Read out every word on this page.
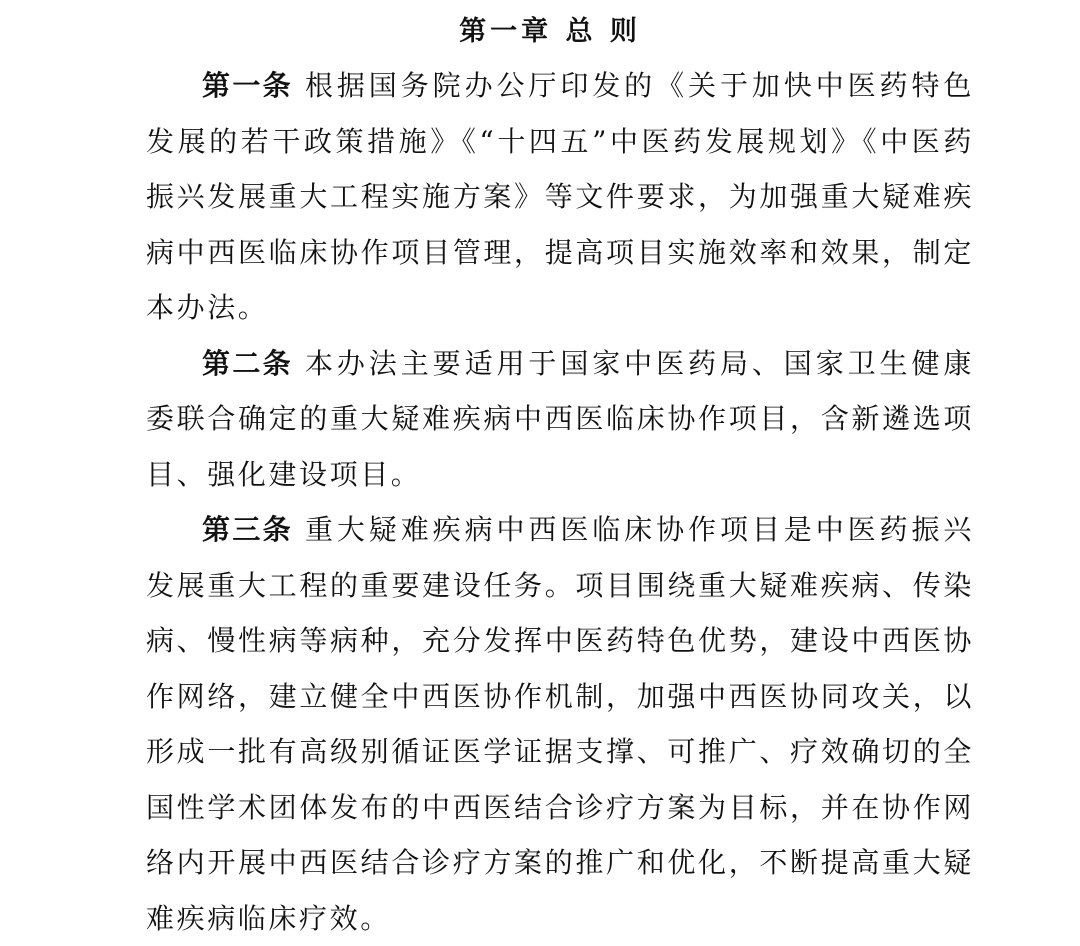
第一章 总 则

第一条 根据国务院办公厅印发的《关于加快中医药特色发展的若干政策措施》《“十四五”中医药发展规划》《中医药振兴发展重大工程实施方案》等文件要求，为加强重大疑难疾病中西医临床协作项目管理，提高项目实施效率和效果，制定本办法。

第二条 本办法主要适用于国家中医药局、国家卫生健康委联合确定的重大疑难疾病中西医临床协作项目，含新遴选项目、强化建设项目。

第三条 重大疑难疾病中西医临床协作项目是中医药振兴发展重大工程的重要建设任务。项目围绕重大疑难疾病、传染病、慢性病等病种，充分发挥中医药特色优势，建设中西医协作网络，建立健全中西医协作机制，加强中西医协同攻关，以形成一批有高级别循证医学证据支撑、可推广、疗效确切的全国性学术团体发布的中西医结合诊疗方案为目标，并在协作网络内开展中西医结合诊疗方案的推广和优化，不断提高重大疑难疾病临床疗效。
